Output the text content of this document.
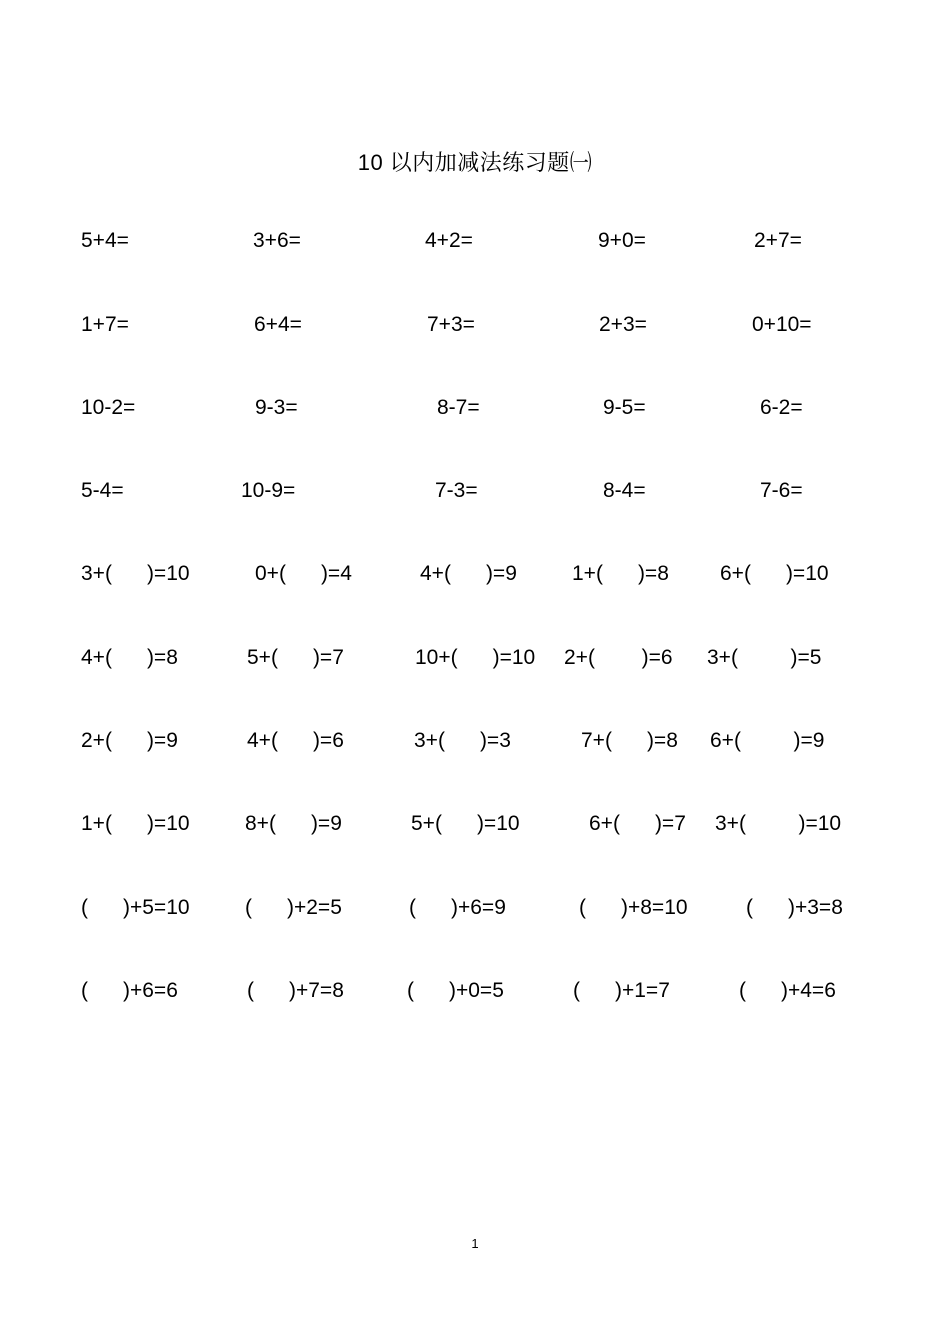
10 以内加减法练习题㈠
5+4=	3+6=	4+2=	9+0=	2+7=
1+7=	6+4=	7+3=	2+3=	0+10=
10-2=	9-3=	8-7=	9-5=	6-2=
5-4=	10-9=	7-3=	8-4=	7-6=
3+(      )=10	0+(      )=4	4+(      )=9	1+(      )=8 6+(      )=10
4+(      )=8	5+(      )=7	10+(      )=10 2+(        )=6 3+(         )=5
2+(      )=9	4+(      )=6	3+(      )=3	7+(      )=8 6+(         )=9
1+(      )=10	8+(      )=9	5+(      )=10	6+(      )=7 3+(         )=10
(      )+5=10	(      )+2=5	(      )+6=9	(      )+8=10	(      )+3=8
(      )+6=6	(      )+7=8	(      )+0=5	(      )+1=7	(      )+4=6
1
